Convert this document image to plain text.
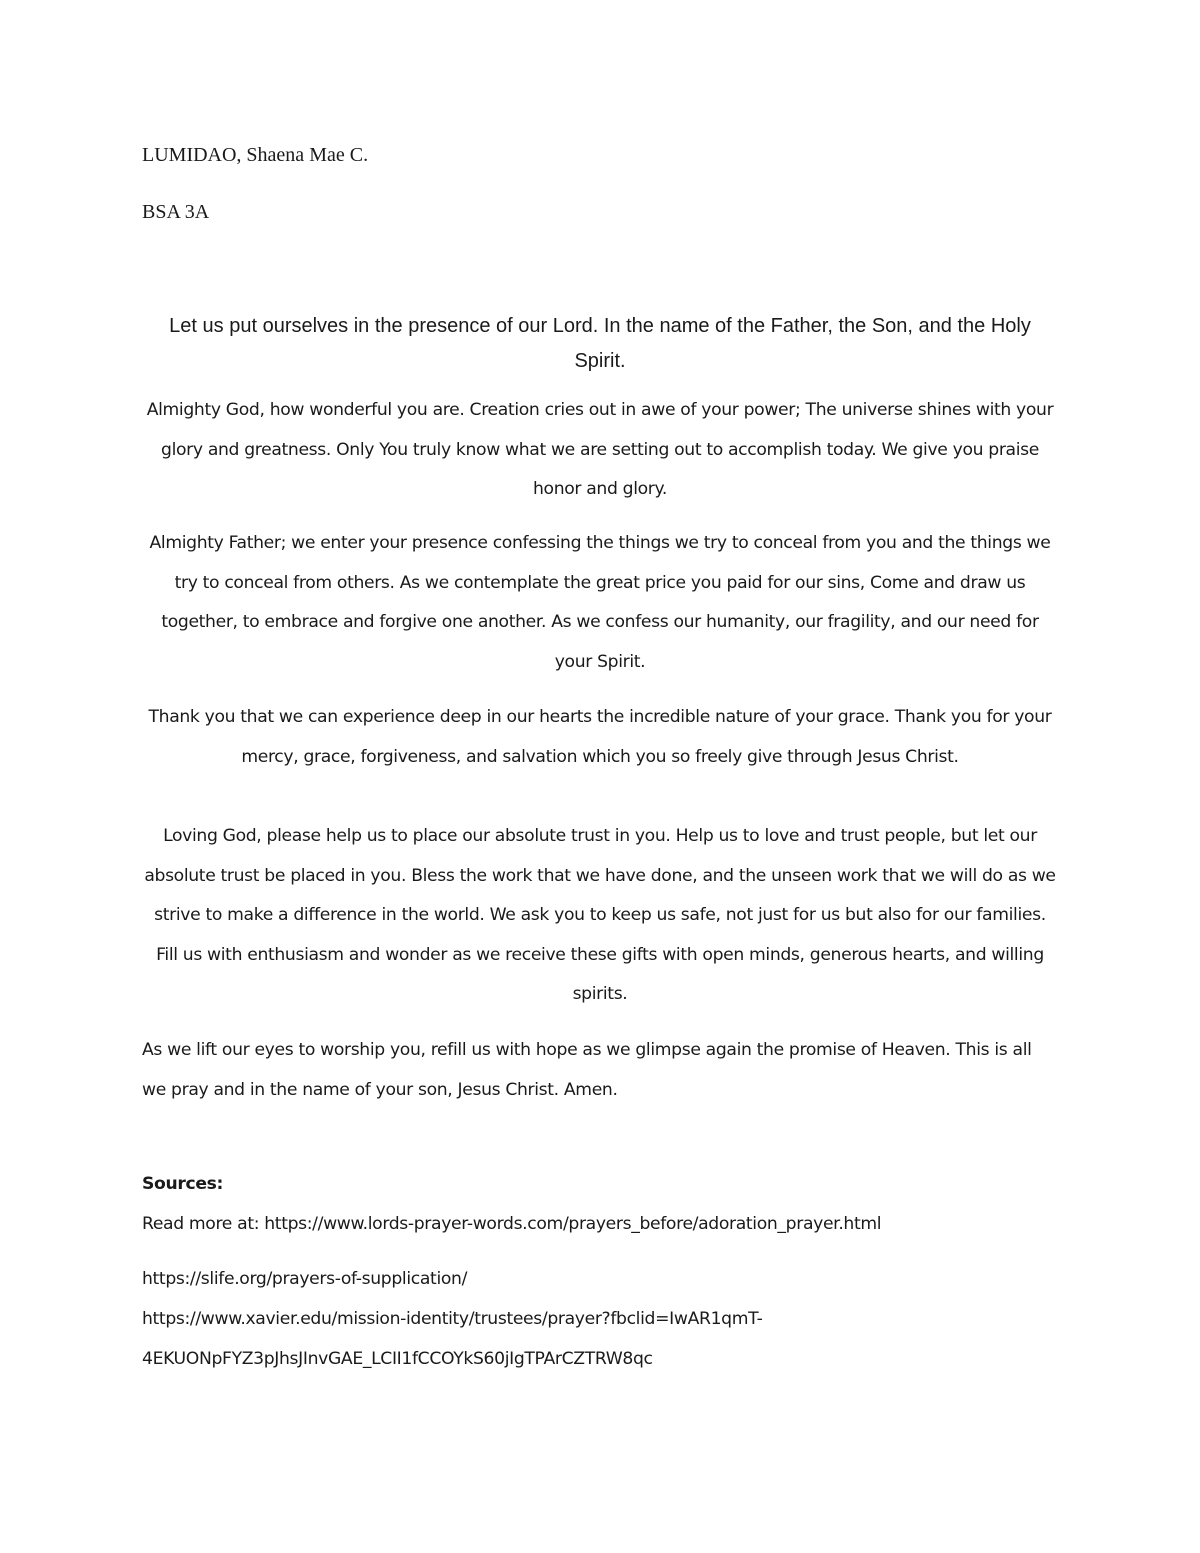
LUMIDAO, Shaena Mae C.
BSA 3A
Let us put ourselves in the presence of our Lord. In the name of the Father, the Son, and the Holy Spirit.
Almighty God, how wonderful you are. Creation cries out in awe of your power; The universe shines with your glory and greatness. Only You truly know what we are setting out to accomplish today. We give you praise honor and glory.
Almighty Father; we enter your presence confessing the things we try to conceal from you and the things we try to conceal from others. As we contemplate the great price you paid for our sins, Come and draw us together, to embrace and forgive one another. As we confess our humanity, our fragility, and our need for your Spirit.
Thank you that we can experience deep in our hearts the incredible nature of your grace. Thank you for your mercy, grace, forgiveness, and salvation which you so freely give through Jesus Christ.
Loving God, please help us to place our absolute trust in you. Help us to love and trust people, but let our absolute trust be placed in you. Bless the work that we have done, and the unseen work that we will do as we strive to make a difference in the world. We ask you to keep us safe, not just for us but also for our families. Fill us with enthusiasm and wonder as we receive these gifts with open minds, generous hearts, and willing spirits.
As we lift our eyes to worship you, refill us with hope as we glimpse again the promise of Heaven. This is all we pray and in the name of your son, Jesus Christ. Amen.
Sources:
Read more at: https://www.lords-prayer-words.com/prayers_before/adoration_prayer.html
https://slife.org/prayers-of-supplication/
https://www.xavier.edu/mission-identity/trustees/prayer?fbclid=IwAR1qmT-
4EKUONpFYZ3pJhsJInvGAE_LCII1fCCOYkS60jIgTPArCZTRW8qc
